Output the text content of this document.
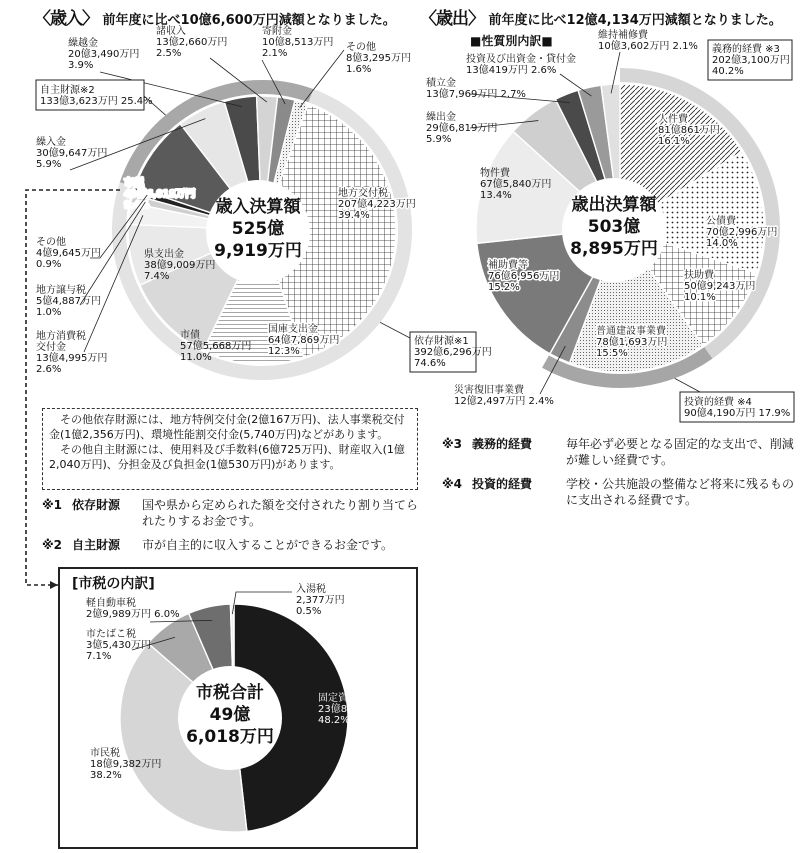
〈歳入〉 前年度に比べ10億6,600万円減額となりました。 〈歳出〉 前年度に比べ12億4,134万円減額となりました。
■性質別内訳■
[市税の内訳]
歳入決算額
525億
9,919万円
地方交付税 207億4,223万円 39.4%
国庫支出金 64億7,869万円 12.3%
市債 57億5,668万円 11.0%
県支出金 38億9,009万円 7.4%
地方消費税交付金 13億4,995万円 2.6%
地方譲与税 5億4,887万円 1.0%
その他 4億9,645万円 0.9%
市税 49億6,018万円 9.4%
繰入金 30億9,647万円 5.9%
繰越金 20億3,490万円 3.9%
諸収入 13億2,660万円 2.5%
寄附金 10億8,513万円 2.1%
その他 8億3,295万円 1.6%
自主財源※2 133億3,623万円 25.4%
依存財源※1 392億6,296万円 74.6%
歳出決算額
503億
8,895万円
人件費 81億861万円 16.1%
公債費 70億2,996万円 14.0%
扶助費 50億9,243万円 10.1%
普通建設事業費 78億1,693万円 15.5%
災害復旧事業費 12億2,497万円 2.4%
補助費等 76億6,956万円 15.2%
物件費 67億5,840万円 13.4%
繰出金 29億6,819万円 5.9%
積立金 13億7,969万円 2.7%
投資及び出資金・貸付金 13億419万円 2.6%
維持補修費 10億3,602万円 2.1% 義務的経費 ※3 202億3,100万円 40.2%
投資的経費 ※4 90億4,190万円 17.9%
市税合計
49億
6,018万円
固定資産税 23億8,840万円 48.2%
市民税 18億9,382万円 38.2%
市たばこ税 3億5,430万円 7.1%
軽自動車税 2億9,989万円 6.0%
入湯税 2,377万円 0.5%

その他依存財源には、地方特例交付金(2億167万円)、法人事業税交付金(1億2,356万円)、環境性能割交付金(5,740万円)などがあります。

その他自主財源には、使用料及び手数料(6億725万円)、財産収入(1億2,040万円)、分担金及び負担金(1億530万円)があります。

※1 依存財源	国や県から定められた額を交付されたり割り当てられたりするお金です。
※2 自主財源	市が自主的に収入することができるお金です。
※3 義務的経費	毎年必ず必要となる固定的な支出で、削減が難しい経費です。
※4 投資的経費	学校・公共施設の整備など将来に残るものに支出される経費です。
